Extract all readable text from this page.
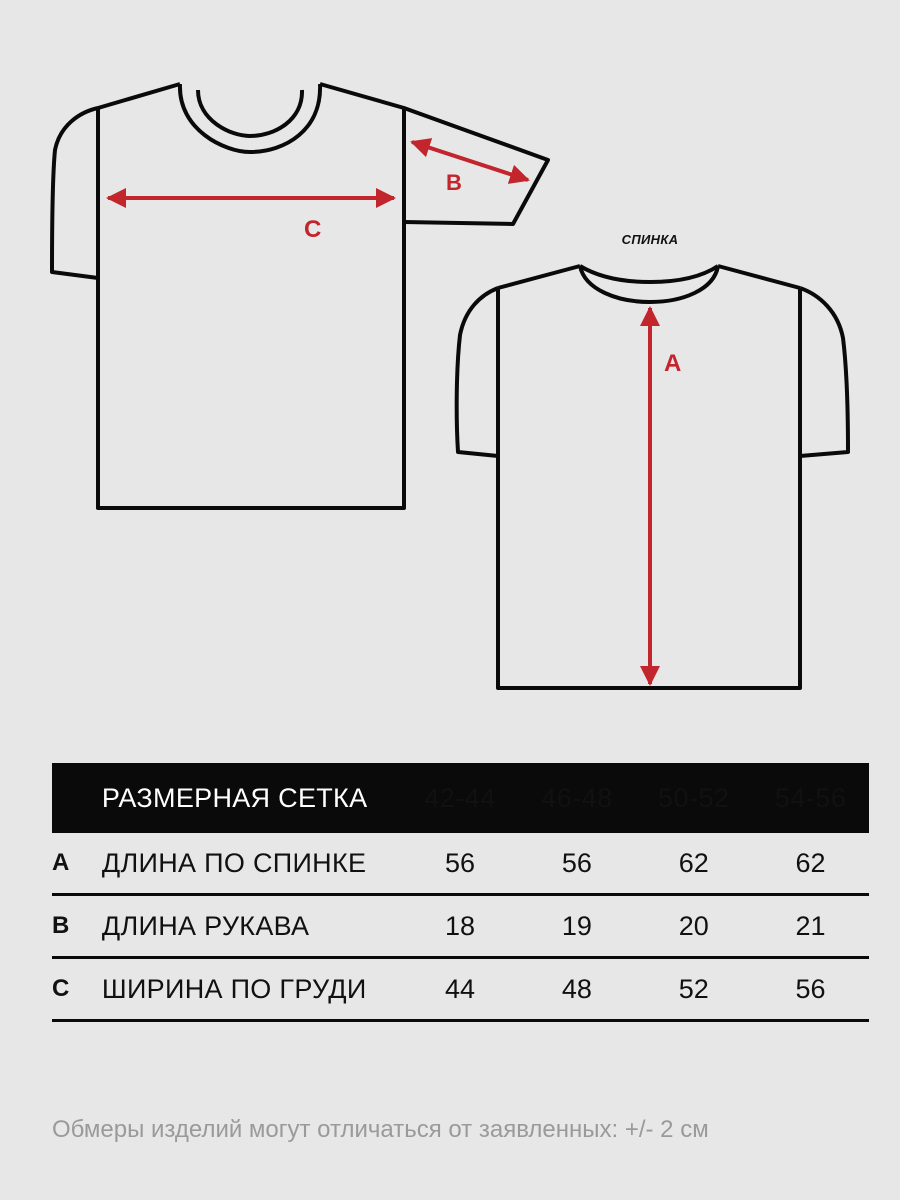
C
B
A
СПИНКА
	РАЗМЕРНАЯ СЕТКА	42-44	46-48	50-52	54-56
A	ДЛИНА ПО СПИНКЕ	56	56	62	62
B	ДЛИНА РУКАВА	18	19	20	21
C	ШИРИНА ПО ГРУДИ	44	48	52	56
Обмеры изделий могут отличаться от заявленных: +/- 2 см
